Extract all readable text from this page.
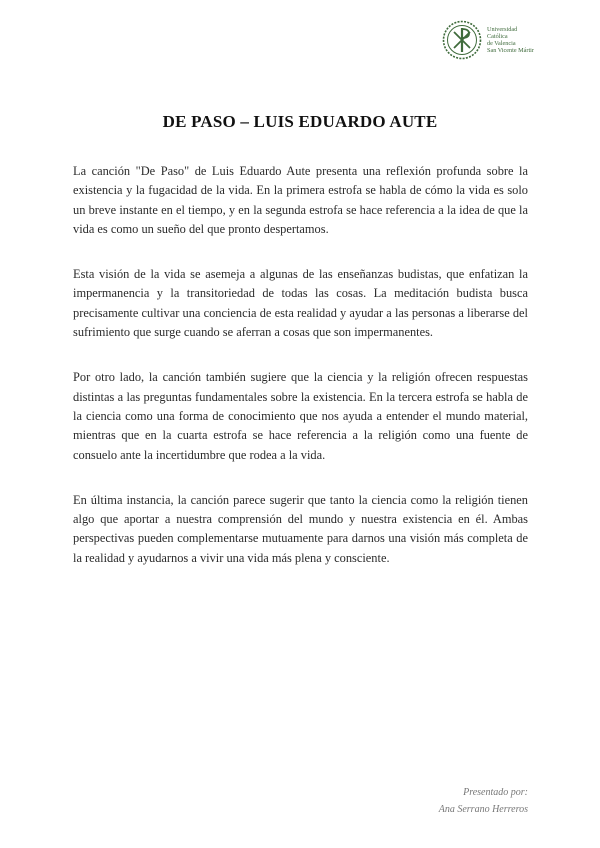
Universidad
Católica
de Valencia
San Vicente Mártir
DE PASO – LUIS EDUARDO AUTE

La canción "De Paso" de Luis Eduardo Aute presenta una reflexión profunda sobre la existencia y la fugacidad de la vida. En la primera estrofa se habla de cómo la vida es solo un breve instante en el tiempo, y en la segunda estrofa se hace referencia a la idea de que la vida es como un sueño del que pronto despertamos.

Esta visión de la vida se asemeja a algunas de las enseñanzas budistas, que enfatizan la impermanencia y la transitoriedad de todas las cosas. La meditación budista busca precisamente cultivar una conciencia de esta realidad y ayudar a las personas a liberarse del sufrimiento que surge cuando se aferran a cosas que son impermanentes.

Por otro lado, la canción también sugiere que la ciencia y la religión ofrecen respuestas distintas a las preguntas fundamentales sobre la existencia. En la tercera estrofa se habla de la ciencia como una forma de conocimiento que nos ayuda a entender el mundo material, mientras que en la cuarta estrofa se hace referencia a la religión como una fuente de consuelo ante la incertidumbre que rodea a la vida.

En última instancia, la canción parece sugerir que tanto la ciencia como la religión tienen algo que aportar a nuestra comprensión del mundo y nuestra existencia en él. Ambas perspectivas pueden complementarse mutuamente para darnos una visión más completa de la realidad y ayudarnos a vivir una vida más plena y consciente.

Presentado por:
Ana Serrano Herreros
